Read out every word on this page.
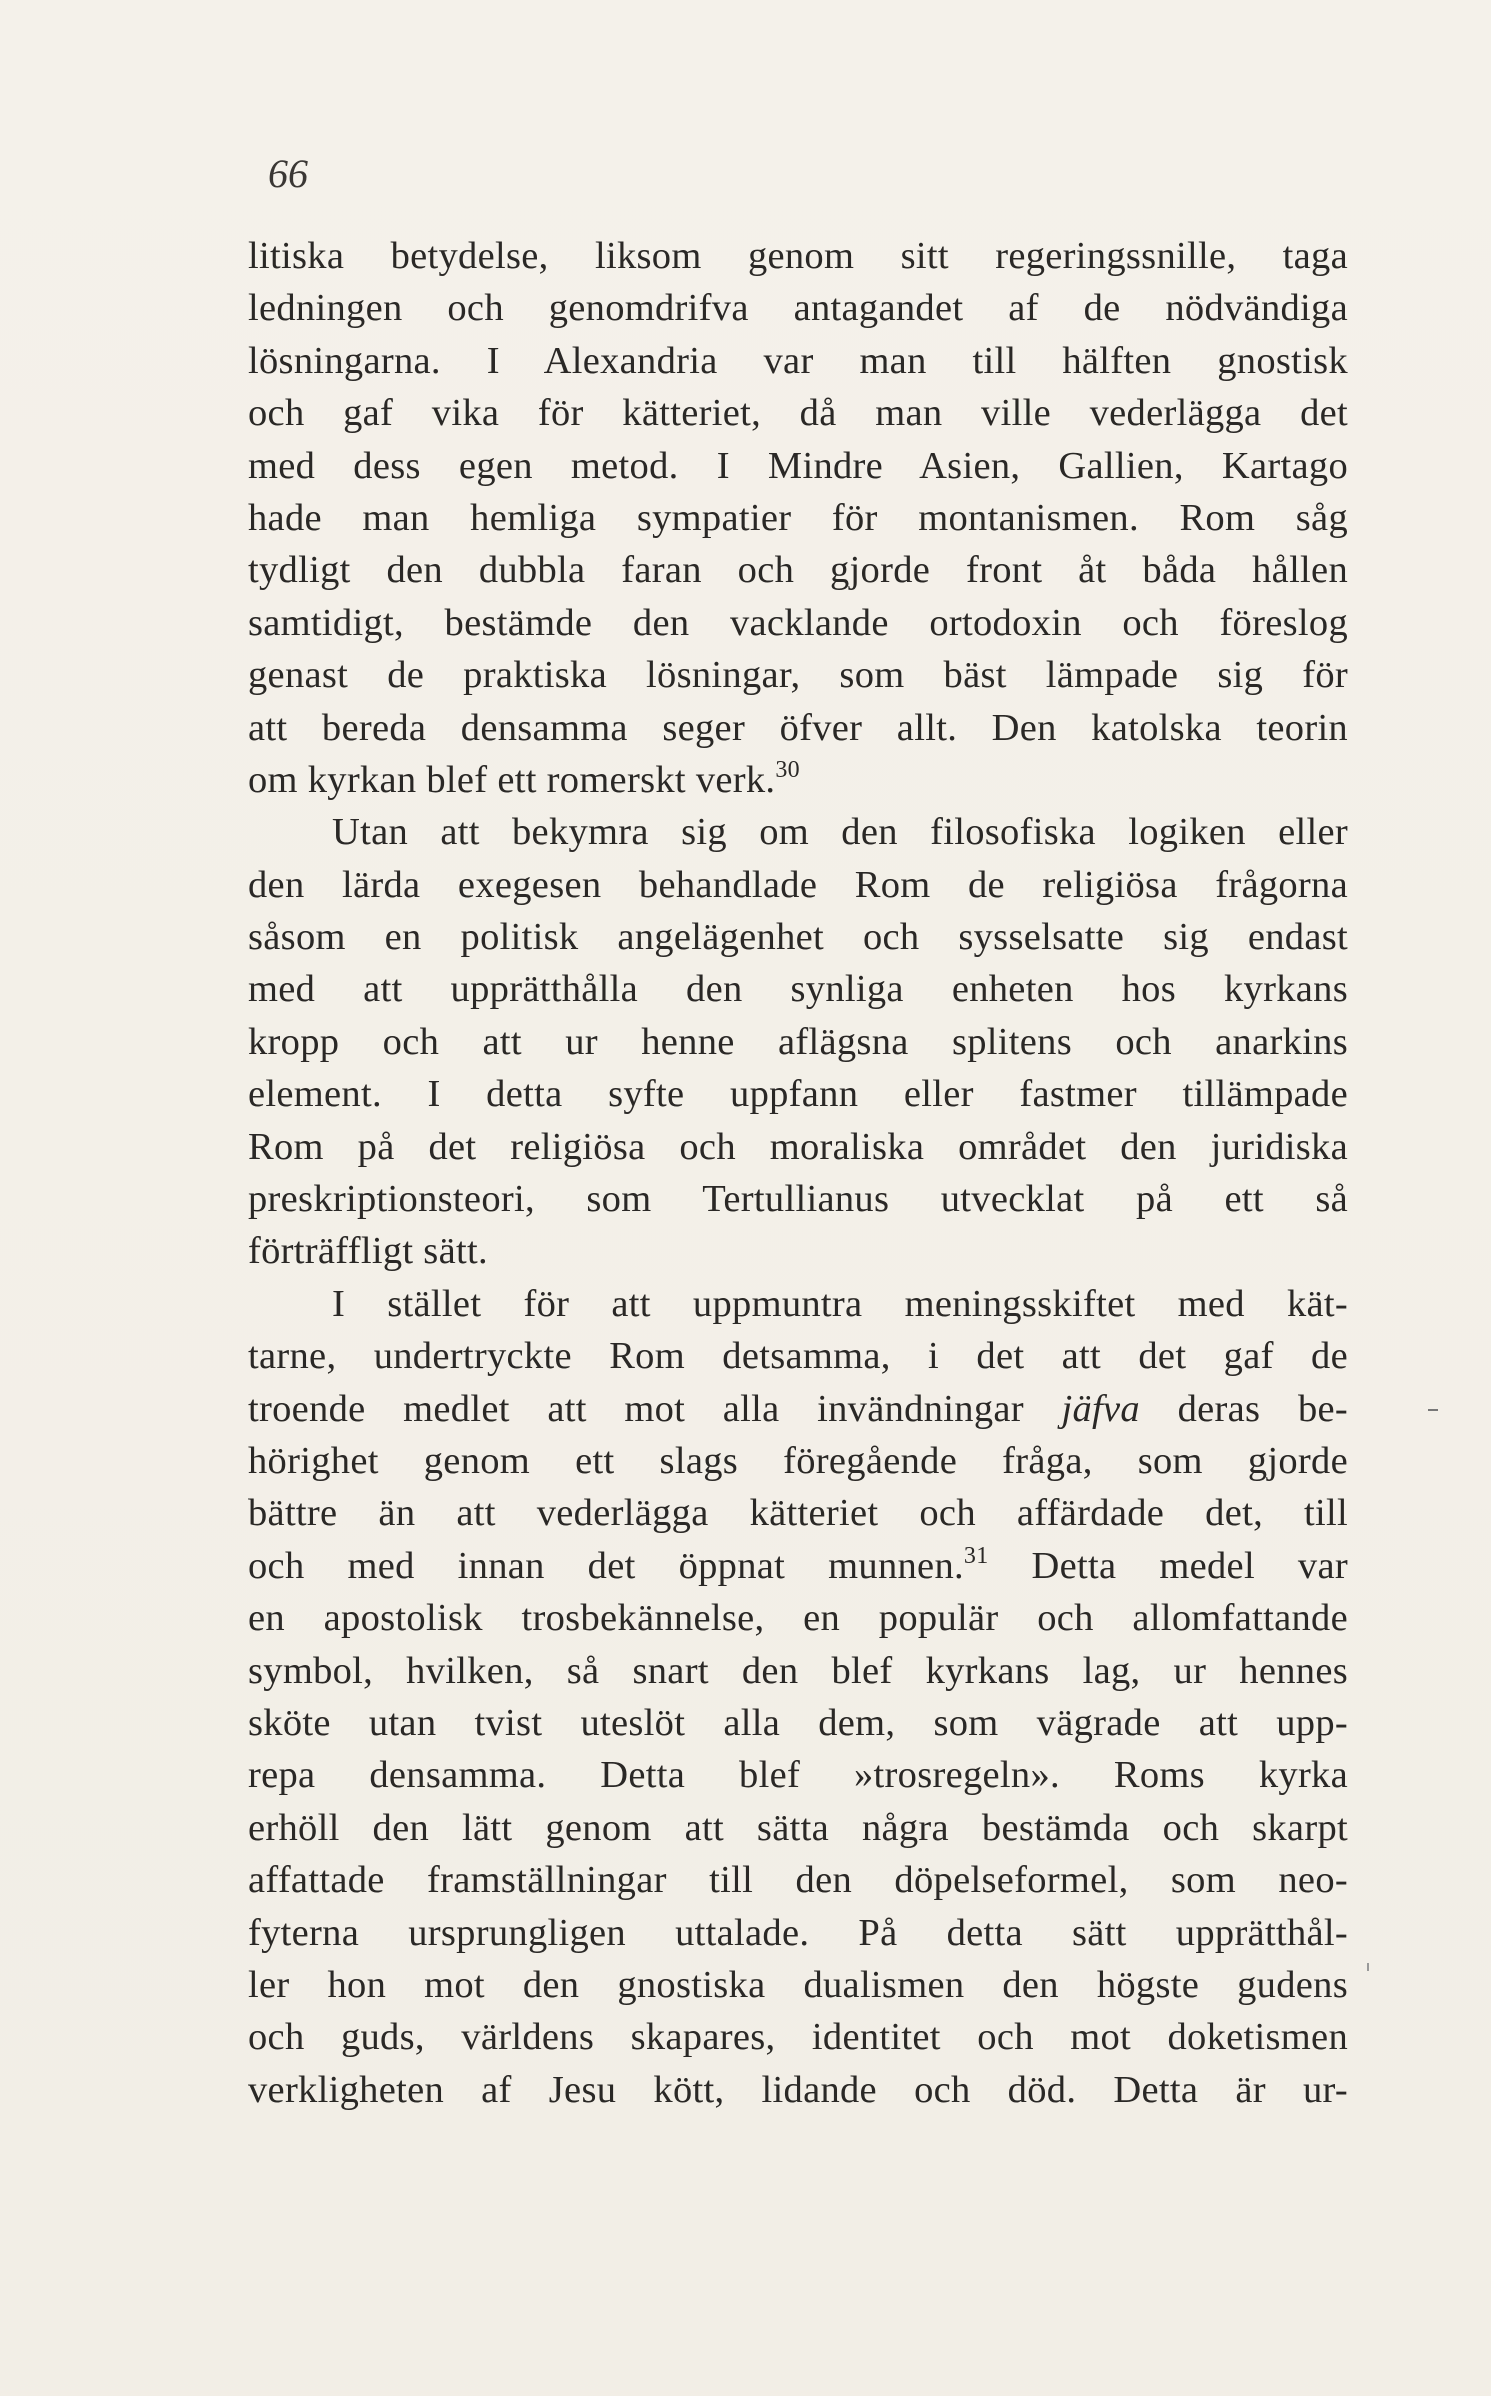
66
litiska betydelse, liksom genom sitt regeringssnille, taga
ledningen och genomdrifva antagandet af de nödvändiga
lösningarna. I Alexandria var man till hälften gnostisk
och gaf vika för kätteriet, då man ville vederlägga det
med dess egen metod. I Mindre Asien, Gallien, Kartago
hade man hemliga sympatier för montanismen. Rom såg
tydligt den dubbla faran och gjorde front åt båda hållen
samtidigt, bestämde den vacklande ortodoxin och föreslog
genast de praktiska lösningar, som bäst lämpade sig för
att bereda densamma seger öfver allt. Den katolska teorin
om kyrkan blef ett romerskt verk.$^{30}$
Utan att bekymra sig om den filosofiska logiken eller
den lärda exegesen behandlade Rom de religiösa frågorna
såsom en politisk angelägenhet och sysselsatte sig endast
med att upprätthålla den synliga enheten hos kyrkans
kropp och att ur henne aflägsna splitens och anarkins
element. I detta syfte uppfann eller fastmer tillämpade
Rom på det religiösa och moraliska området den juridiska
preskriptionsteori, som Tertullianus utvecklat på ett så
förträffligt sätt.
I stället för att uppmuntra meningsskiftet med kät-
tarne, undertryckte Rom detsamma, i det att det gaf de
troende medlet att mot alla invändningar jäfva deras be-
hörighet genom ett slags föregående fråga, som gjorde
bättre än att vederlägga kätteriet och affärdade det, till
och med innan det öppnat munnen.$^{31}$ Detta medel var
en apostolisk trosbekännelse, en populär och allomfattande
symbol, hvilken, så snart den blef kyrkans lag, ur hennes
sköte utan tvist uteslöt alla dem, som vägrade att upp-
repa densamma. Detta blef »trosregeln». Roms kyrka
erhöll den lätt genom att sätta några bestämda och skarpt
affattade framställningar till den döpelseformel, som neo-
fyterna ursprungligen uttalade. På detta sätt upprätthål-
ler hon mot den gnostiska dualismen den högste gudens
och guds, världens skapares, identitet och mot doketismen
verkligheten af Jesu kött, lidande och död. Detta är ur-
